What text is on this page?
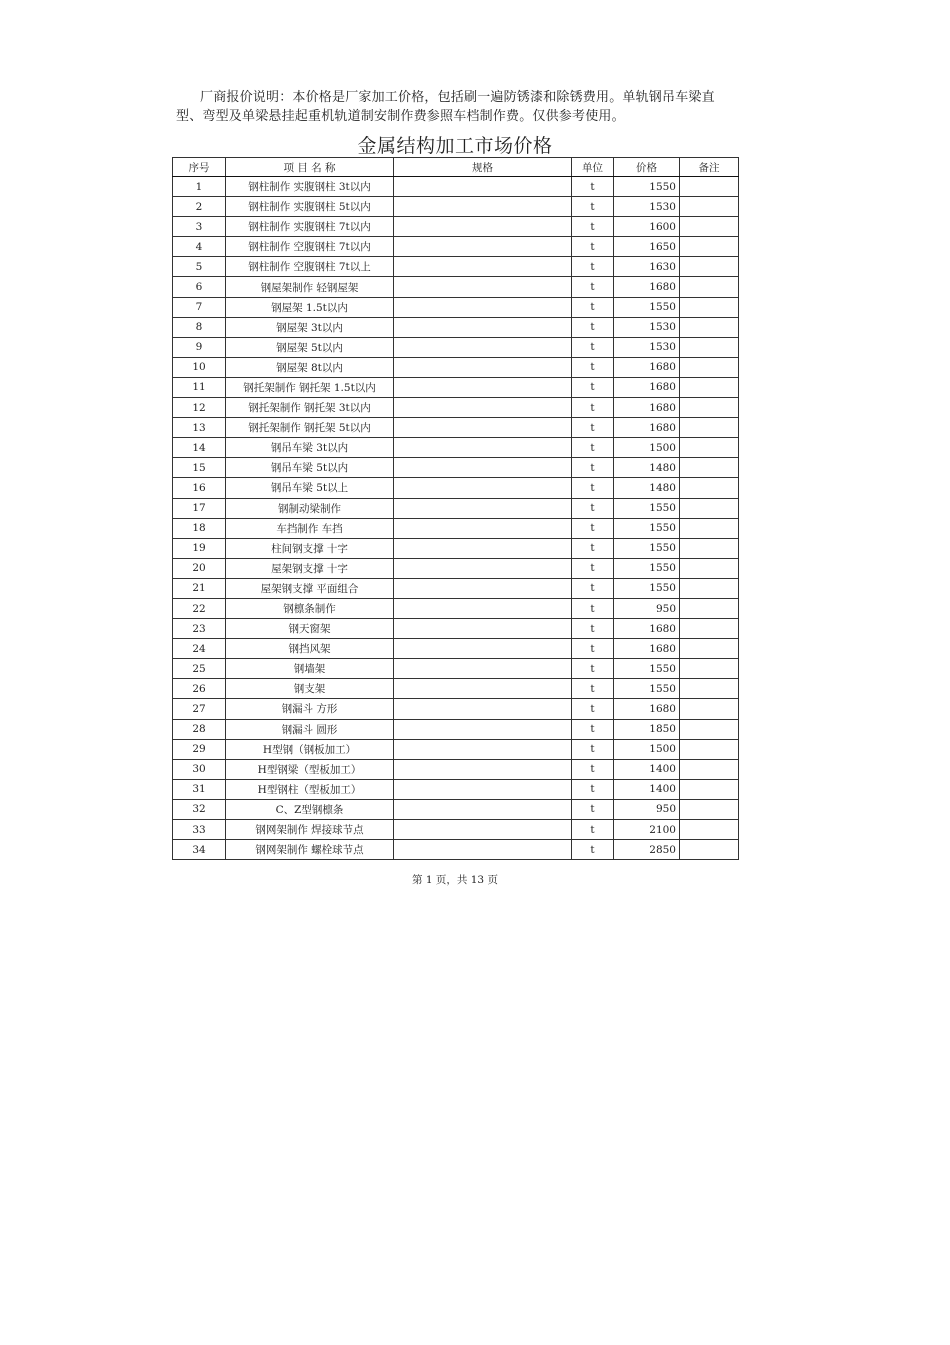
厂商报价说明：本价格是厂家加工价格，包括刷一遍防锈漆和除锈费用。单轨钢吊车梁直型、弯型及单梁悬挂起重机轨道制安制作费参照车档制作费。仅供参考使用。
金属结构加工市场价格
序号	项 目 名 称	规格	单位	价格	备注
1	钢柱制作 实腹钢柱 3t以内		t	1550	
2	钢柱制作 实腹钢柱 5t以内		t	1530	
3	钢柱制作 实腹钢柱 7t以内		t	1600	
4	钢柱制作 空腹钢柱 7t以内		t	1650	
5	钢柱制作 空腹钢柱 7t以上		t	1630	
6	钢屋架制作 轻钢屋架		t	1680	
7	钢屋架 1.5t以内		t	1550	
8	钢屋架 3t以内		t	1530	
9	钢屋架 5t以内		t	1530	
10	钢屋架 8t以内		t	1680	
11	钢托架制作 钢托架 1.5t以内		t	1680	
12	钢托架制作 钢托架 3t以内		t	1680	
13	钢托架制作 钢托架 5t以内		t	1680	
14	钢吊车梁 3t以内		t	1500	
15	钢吊车梁 5t以内		t	1480	
16	钢吊车梁 5t以上		t	1480	
17	钢制动梁制作		t	1550	
18	车挡制作 车挡		t	1550	
19	柱间钢支撑 十字		t	1550	
20	屋架钢支撑 十字		t	1550	
21	屋架钢支撑 平面组合		t	1550	
22	钢檩条制作		t	950	
23	钢天窗架		t	1680	
24	钢挡风架		t	1680	
25	钢墙架		t	1550	
26	钢支架		t	1550	
27	钢漏斗 方形		t	1680	
28	钢漏斗 圆形		t	1850	
29	H型钢（钢板加工）		t	1500	
30	H型钢梁（型板加工）		t	1400	
31	H型钢柱（型板加工）		t	1400	
32	C、Z型钢檩条		t	950	
33	钢网架制作 焊接球节点		t	2100	
34	钢网架制作 螺栓球节点		t	2850	
第 1 页，共 13 页
